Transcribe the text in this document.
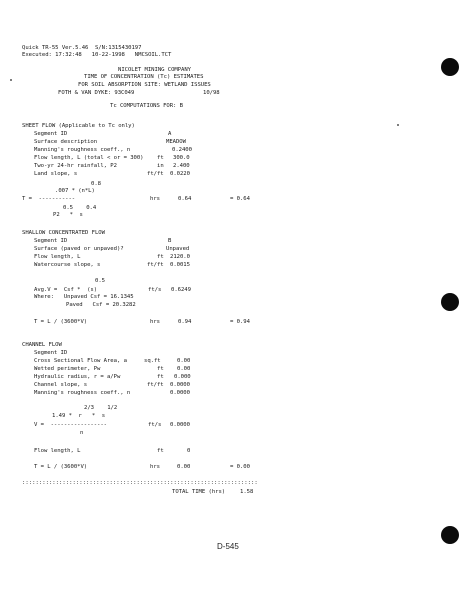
Quick TR-55 Ver.5.46  S/N:1315430197
Executed: 17:32:48   10-22-1998   NMCSOIL.TCT
NICOLET MINING COMPANY
TIME OF CONCENTRATION (Tc) ESTIMATES
FOR SOIL ABSORPTION SITE: WETLAND ISSUES
FOTH & VAN DYKE: 93C049	10/98
Tc COMPUTATIONS FOR: B
SHEET FLOW (Applicable to Tc only)
Segment ID	A
Surface description	MEADOW
Manning's roughness coeff., n	0.2400
Flow length, L (total < or = 300) ft 300.0
Two-yr 24-hr rainfall, P2	in 2.400
Land slope, s	ft/ft 0.0220
0.8
.007 * (n*L)
T =  -----------	hrs	0.64	= 0.64
0.5    0.4
P2   *  s
SHALLOW CONCENTRATED FLOW
Segment ID	B
Surface (paved or unpaved)?	Unpaved
Flow length, L	ft 2120.0
Watercourse slope, s	ft/ft 0.0015
0.5
Avg.V =  Csf *  (s)	ft/s 0.6249
Where:   Unpaved Csf = 16.1345
Paved   Csf = 20.3282
T = L / (3600*V)	hrs	0.94	= 0.94
CHANNEL FLOW
Segment ID
Cross Sectional Flow Area, a	sq.ft	0.00
Wetted perimeter, Pw	ft 0.00
Hydraulic radius, r = a/Pw	ft 0.000
Channel slope, s	ft/ft 0.0000
Manning's roughness coeff., n	0.0000
2/3    1/2
1.49 *  r   *  s
V =  -----------------	ft/s 0.0000
n
Flow length, L	ft	0
T = L / (3600*V)	hrs	0.00	= 0.00
::::::::::::::::::::::::::::::::::::::::::::::::::::::::::::::::::::::
TOTAL TIME (hrs)	1.58
D-545
